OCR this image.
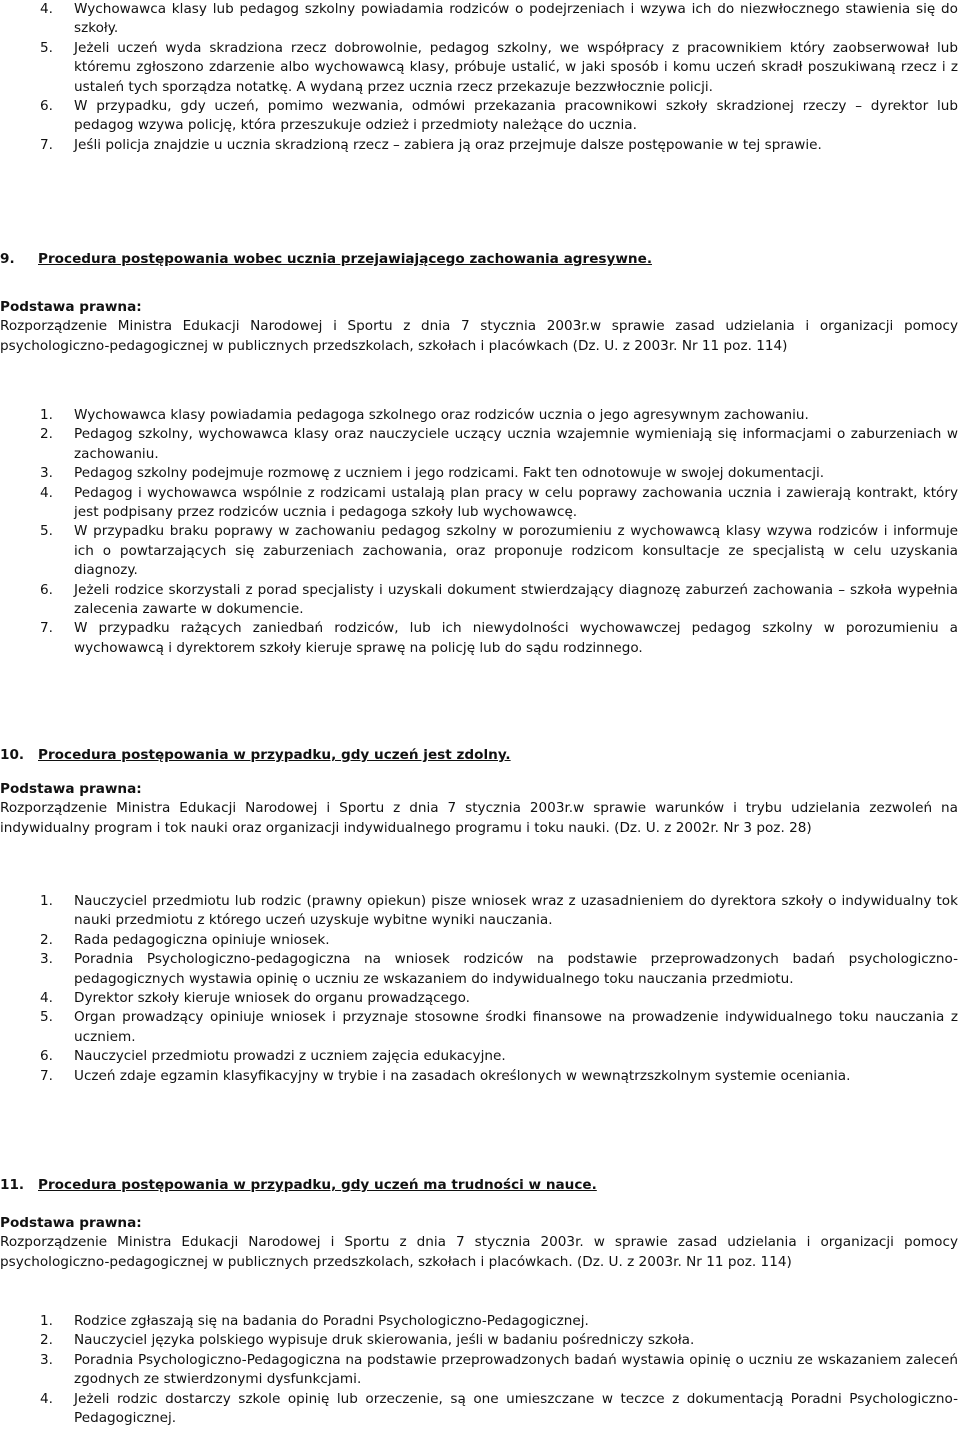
4. Wychowawca klasy lub pedagog szkolny powiadamia rodziców o podejrzeniach i wzywa ich do niezwłocznego stawienia się do szkoły.
5. Jeżeli uczeń wyda skradziona rzecz dobrowolnie, pedagog szkolny, we współpracy z pracownikiem który zaobserwował lub któremu zgłoszono zdarzenie albo wychowawcą klasy, próbuje ustalić, w jaki sposób i komu uczeń skradł poszukiwaną rzecz i z ustaleń tych sporządza notatkę. A wydaną przez ucznia rzecz przekazuje bezzwłocznie policji.
6. W przypadku, gdy uczeń, pomimo wezwania, odmówi przekazania pracownikowi szkoły skradzionej rzeczy – dyrektor lub pedagog wzywa policję, która przeszukuje odzież i przedmioty należące do ucznia.
7. Jeśli policja znajdzie u ucznia skradzioną rzecz – zabiera ją oraz przejmuje dalsze postępowanie w tej sprawie.
9. Procedura postępowania wobec ucznia przejawiającego zachowania agresywne.
Podstawa prawna:
Rozporządzenie Ministra Edukacji Narodowej i Sportu z dnia 7 stycznia 2003r.w sprawie zasad udzielania i organizacji pomocy psychologiczno-pedagogicznej w publicznych przedszkolach, szkołach i placówkach (Dz. U. z 2003r. Nr 11 poz. 114)
1. Wychowawca klasy powiadamia pedagoga szkolnego oraz rodziców ucznia o jego agresywnym zachowaniu.
2. Pedagog szkolny, wychowawca klasy oraz nauczyciele uczący ucznia wzajemnie wymieniają się informacjami o zaburzeniach w zachowaniu.
3. Pedagog szkolny podejmuje rozmowę z uczniem i jego rodzicami. Fakt ten odnotowuje w swojej dokumentacji.
4. Pedagog i wychowawca wspólnie z rodzicami ustalają plan pracy w celu poprawy zachowania ucznia i zawierają kontrakt, który jest podpisany przez rodziców ucznia i pedagoga szkoły lub wychowawcę.
5. W przypadku braku poprawy w zachowaniu pedagog szkolny w porozumieniu z wychowawcą klasy wzywa rodziców i informuje ich o powtarzających się zaburzeniach zachowania, oraz proponuje rodzicom konsultacje ze specjalistą w celu uzyskania diagnozy.
6. Jeżeli rodzice skorzystali z porad specjalisty i uzyskali dokument stwierdzający diagnozę zaburzeń zachowania – szkoła wypełnia zalecenia zawarte w dokumencie.
7. W przypadku rażących zaniedbań rodziców, lub ich niewydolności wychowawczej pedagog szkolny w porozumieniu a wychowawcą i dyrektorem szkoły kieruje sprawę na policję lub do sądu rodzinnego.
10. Procedura postępowania w przypadku, gdy uczeń jest zdolny.
Podstawa prawna:
Rozporządzenie Ministra Edukacji Narodowej i Sportu z dnia 7 stycznia 2003r.w sprawie warunków i trybu udzielania zezwoleń na indywidualny program i tok nauki oraz organizacji indywidualnego programu i toku nauki. (Dz. U. z 2002r. Nr 3 poz. 28)
1. Nauczyciel przedmiotu lub rodzic (prawny opiekun) pisze wniosek wraz z uzasadnieniem do dyrektora szkoły o indywidualny tok nauki przedmiotu z którego uczeń uzyskuje wybitne wyniki nauczania.
2. Rada pedagogiczna opiniuje wniosek.
3. Poradnia Psychologiczno-pedagogiczna na wniosek rodziców na podstawie przeprowadzonych badań psychologiczno-pedagogicznych wystawia opinię o uczniu ze wskazaniem do indywidualnego toku nauczania przedmiotu.
4. Dyrektor szkoły kieruje wniosek do organu prowadzącego.
5. Organ prowadzący opiniuje wniosek i przyznaje stosowne środki finansowe na prowadzenie indywidualnego toku nauczania z uczniem.
6. Nauczyciel przedmiotu prowadzi z uczniem zajęcia edukacyjne.
7. Uczeń zdaje egzamin klasyfikacyjny w trybie i na zasadach określonych w wewnątrzszkolnym systemie oceniania.
11. Procedura postępowania w przypadku, gdy uczeń ma trudności w nauce.
Podstawa prawna:
Rozporządzenie Ministra Edukacji Narodowej i Sportu z dnia 7 stycznia 2003r. w sprawie zasad udzielania i organizacji pomocy psychologiczno-pedagogicznej w publicznych przedszkolach, szkołach i placówkach. (Dz. U. z 2003r. Nr 11 poz. 114)
1. Rodzice zgłaszają się na badania do Poradni Psychologiczno-Pedagogicznej.
2. Nauczyciel języka polskiego wypisuje druk skierowania, jeśli w badaniu pośredniczy szkoła.
3. Poradnia Psychologiczno-Pedagogiczna na podstawie przeprowadzonych badań wystawia opinię o uczniu ze wskazaniem zaleceń zgodnych ze stwierdzonymi dysfunkcjami.
4. Jeżeli rodzic dostarczy szkole opinię lub orzeczenie, są one umieszczane w teczce z dokumentacją Poradni Psychologiczno-Pedagogicznej.
